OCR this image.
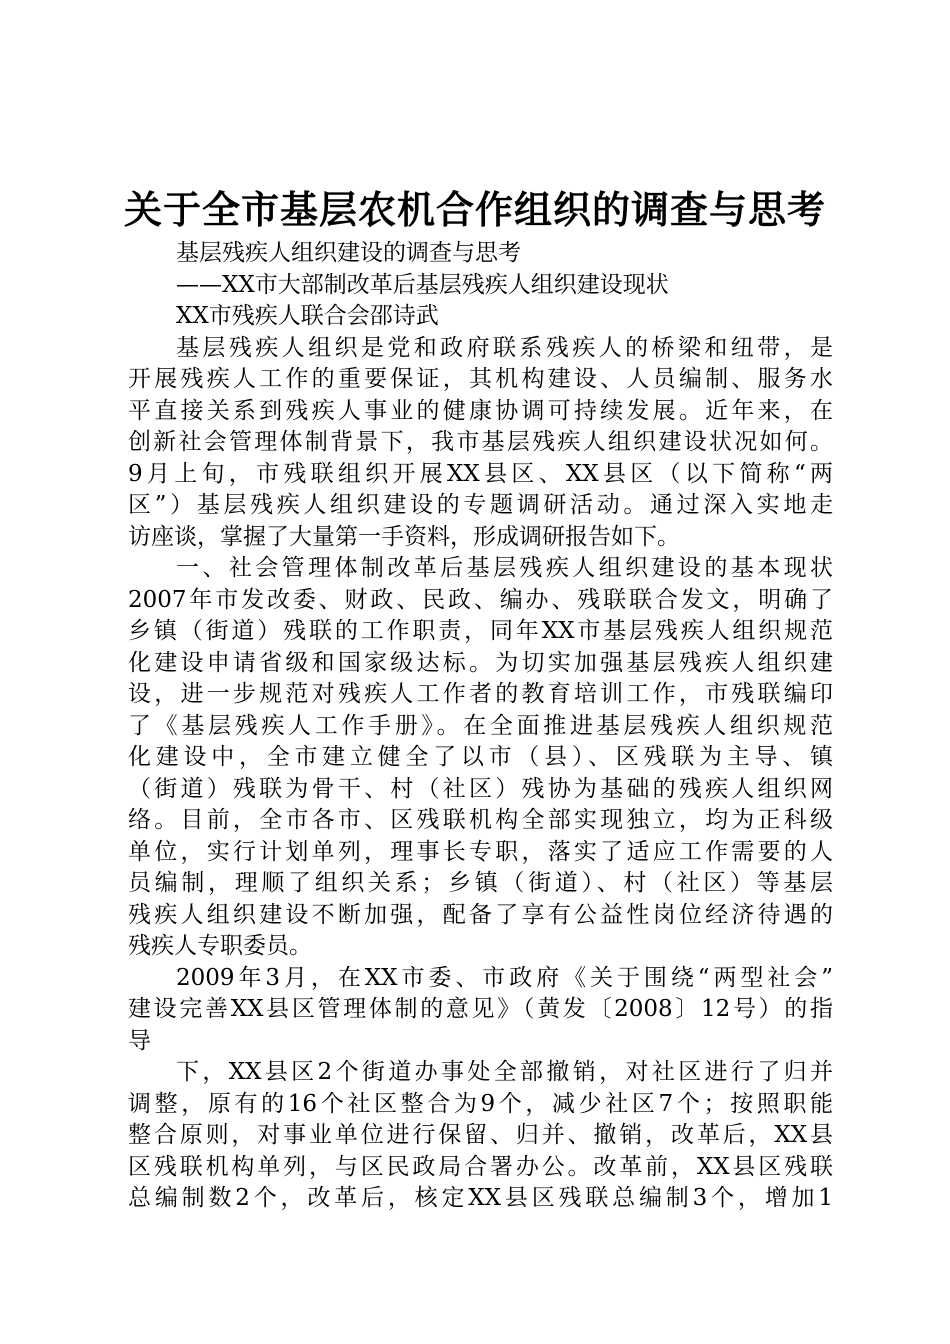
关于全市基层农机合作组织的调查与思考
基层残疾人组织建设的调查与思考
——XX市大部制改革后基层残疾人组织建设现状
XX市残疾人联合会邵诗武
基层残疾人组织是党和政府联系残疾人的桥梁和纽带，是
开展残疾人工作的重要保证，其机构建设、人员编制、服务水
平直接关系到残疾人事业的健康协调可持续发展。近年来，在
创新社会管理体制背景下，我市基层残疾人组织建设状况如何。
9月上旬，市残联组织开展XX县区、XX县区（以下简称“两
区”）基层残疾人组织建设的专题调研活动。通过深入实地走
访座谈，掌握了大量第一手资料，形成调研报告如下。
一、社会管理体制改革后基层残疾人组织建设的基本现状
2007年市发改委、财政、民政、编办、残联联合发文，明确了
乡镇（街道）残联的工作职责，同年XX市基层残疾人组织规范
化建设申请省级和国家级达标。为切实加强基层残疾人组织建
设，进一步规范对残疾人工作者的教育培训工作，市残联编印
了《基层残疾人工作手册》。在全面推进基层残疾人组织规范
化建设中，全市建立健全了以市（县）、区残联为主导、镇
（街道）残联为骨干、村（社区）残协为基础的残疾人组织网
络。目前，全市各市、区残联机构全部实现独立，均为正科级
单位，实行计划单列，理事长专职，落实了适应工作需要的人
员编制，理顺了组织关系；乡镇（街道）、村（社区）等基层
残疾人组织建设不断加强，配备了享有公益性岗位经济待遇的
残疾人专职委员。
2009年3月，在XX市委、市政府《关于围绕“两型社会”
建设完善XX县区管理体制的意见》（黄发〔2008〕12号）的指
导
下，XX县区2个街道办事处全部撤销，对社区进行了归并
调整，原有的16个社区整合为9个，减少社区7个；按照职能
整合原则，对事业单位进行保留、归并、撤销，改革后，XX县
区残联机构单列，与区民政局合署办公。改革前，XX县区残联
总编制数2个，改革后，核定XX县区残联总编制3个，增加1
